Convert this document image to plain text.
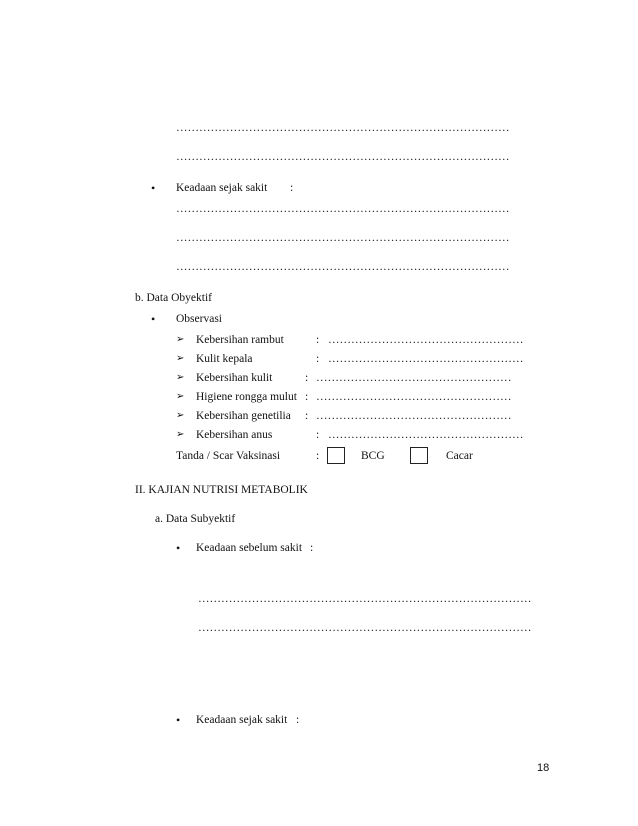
……………………………………………………………………………
……………………………………………………………………………
• Keadaan sejak sakit :
……………………………………………………………………………
……………………………………………………………………………
……………………………………………………………………………
b. Data Obyektif
• Observasi
➢ Kebersihan rambut	: ……………………………………………
➢ Kulit kepala	: ……………………………………………
➢ Kebersihan kulit	: ……………………………………………
➢ Higiene rongga mulut : ……………………………………………
➢ Kebersihan genetilia : ……………………………………………
➢ Kebersihan anus	: ……………………………………………
Tanda / Scar Vaksinasi	:	BCG	Cacar
II. KAJIAN NUTRISI METABOLIK
a. Data Subyektif
• Keadaan sebelum sakit :
……………………………………………………………………………
……………………………………………………………………………
• Keadaan sejak sakit :
18
